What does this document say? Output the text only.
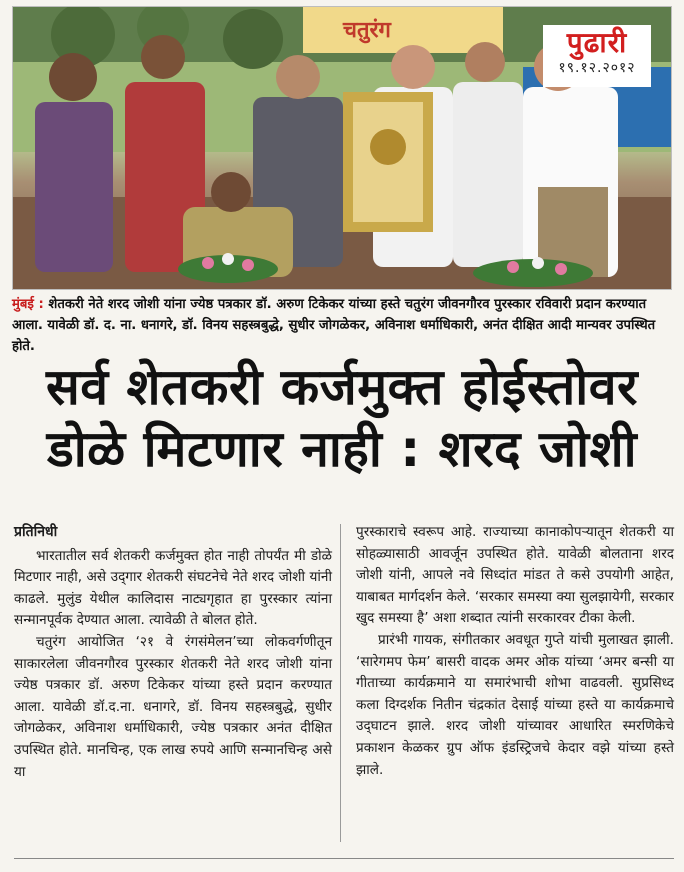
चतुरंग	पुढारी
१९.१२.२०१२
मुंबई : शेतकरी नेते शरद जोशी यांना ज्येष्ठ पत्रकार डॉ. अरुण टिकेकर यांच्या हस्ते चतुरंग जीवनगौरव पुरस्कार रविवारी प्रदान करण्यात आला. यावेळी डॉ. द. ना. धनागरे, डॉ. विनय सहस्त्रबुद्धे, सुधीर जोगळेकर, अविनाश धर्माधिकारी, अनंत दीक्षित आदी मान्यवर उपस्थित होते.
सर्व शेतकरी कर्जमुक्त होईस्तोवर
डोळे मिटणार नाही : शरद जोशी
प्रतिनिधी

भारतातील सर्व शेतकरी कर्जमुक्त होत नाही तोपर्यंत मी डोळे मिटणार नाही, असे उद्‌गार शेतकरी संघटनेचे नेते शरद जोशी यांनी काढले. मुलुंड येथील कालिदास नाट्यगृहात हा पुरस्कार त्यांना सन्मानपूर्वक देण्यात आला. त्यावेळी ते बोलत होते.

चतुरंग आयोजित ‘२१ वे रंगसंमेलन’च्या लोकवर्गणीतून साकारलेला जीवनगौरव पुरस्कार शेतकरी नेते शरद जोशी यांना ज्येष्ठ पत्रकार डॉ. अरुण टिकेकर यांच्या हस्ते प्रदान करण्यात आला. यावेळी डॉ.द.ना. धनागरे, डॉ. विनय सहस्त्रबुद्धे, सुधीर जोगळेकर, अविनाश धर्माधिकारी, ज्येष्ठ पत्रकार अनंत दीक्षित उपस्थित होते. मानचिन्ह, एक लाख रुपये आणि सन्मानचिन्ह असे या

पुरस्काराचे स्वरूप आहे. राज्याच्या कानाकोपऱ्यातून शेतकरी या सोहळ्यासाठी आवर्जून उपस्थित होते. यावेळी बोलताना शरद जोशी यांनी, आपले नवे सिध्दांत मांडत ते कसे उपयोगी आहेत, याबाबत मार्गदर्शन केले. ‘सरकार समस्या क्या सुलझायेगी, सरकार खुद समस्या है’ अशा शब्दात त्यांनी सरकारवर टीका केली.

प्रारंभी गायक, संगीतकार अवधूत गुप्ते यांची मुलाखत झाली. ‘सारेगमप फेम’ बासरी वादक अमर ओक यांच्या ‘अमर बन्सी या गीताच्या कार्यक्रमाने या समारंभाची शोभा वाढवली. सुप्रसिध्द कला दिग्दर्शक नितीन चंद्रकांत देसाई यांच्या हस्ते या कार्यक्रमाचे उद्‌घाटन झाले. शरद जोशी यांच्यावर आधारित स्मरणिकेचे प्रकाशन केळकर ग्रुप ऑफ इंडस्ट्रिजचे केदार वझे यांच्या हस्ते झाले.
